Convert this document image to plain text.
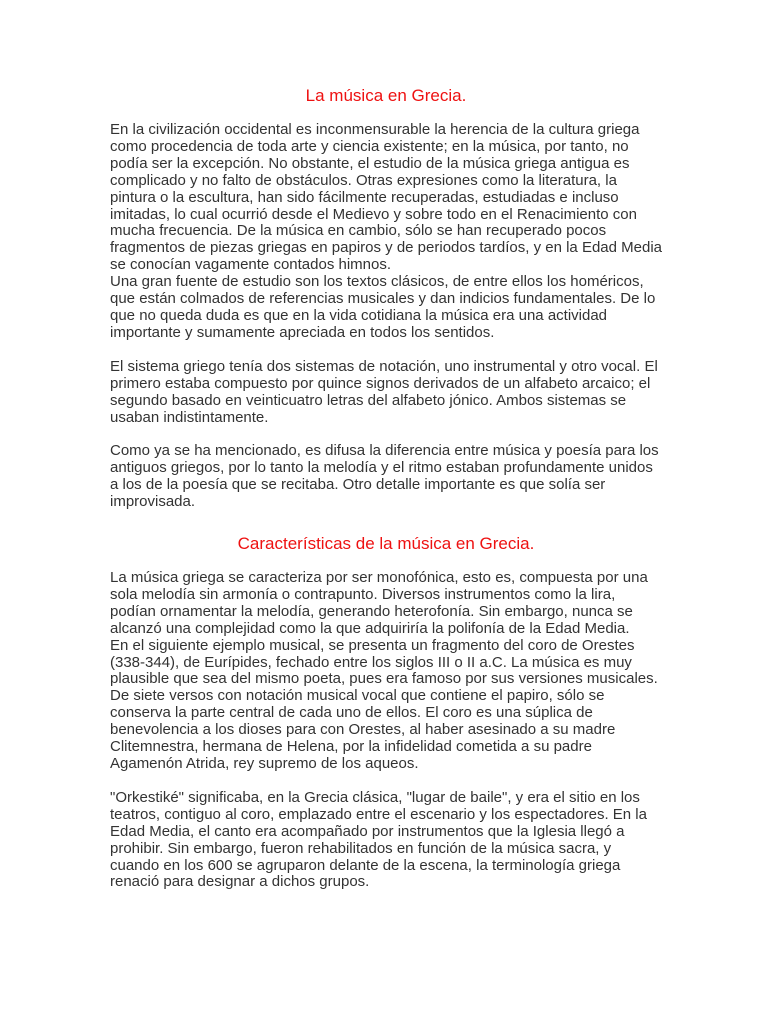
La música en Grecia.

En la civilización occidental es inconmensurable la herencia de la cultura griega como procedencia de toda arte y ciencia existente; en la música, por tanto, no podía ser la excepción. No obstante, el estudio de la música griega antigua es complicado y no falto de obstáculos. Otras expresiones como la literatura, la pintura o la escultura, han sido fácilmente recuperadas, estudiadas e incluso imitadas, lo cual ocurrió desde el Medievo y sobre todo en el Renacimiento con mucha frecuencia. De la música en cambio, sólo se han recuperado pocos fragmentos de piezas griegas en papiros y de periodos tardíos, y en la Edad Media se conocían vagamente contados himnos.

Una gran fuente de estudio son los textos clásicos, de entre ellos los homéricos, que están colmados de referencias musicales y dan indicios fundamentales. De lo que no queda duda es que en la vida cotidiana la música era una actividad importante y sumamente apreciada en todos los sentidos.

El sistema griego tenía dos sistemas de notación, uno instrumental y otro vocal. El primero estaba compuesto por quince signos derivados de un alfabeto arcaico; el segundo basado en veinticuatro letras del alfabeto jónico. Ambos sistemas se usaban indistintamente.

Como ya se ha mencionado, es difusa la diferencia entre música y poesía para los antiguos griegos, por lo tanto la melodía y el ritmo estaban profundamente unidos a los de la poesía que se recitaba. Otro detalle importante es que solía ser improvisada.

Características de la música en Grecia.

La música griega se caracteriza por ser monofónica, esto es, compuesta por una sola melodía sin armonía o contrapunto. Diversos instrumentos como la lira, podían ornamentar la melodía, generando heterofonía. Sin embargo, nunca se alcanzó una complejidad como la que adquiriría la polifonía de la Edad Media.

En el siguiente ejemplo musical, se presenta un fragmento del coro de Orestes (338-344), de Eurípides, fechado entre los siglos III o II a.C. La música es muy plausible que sea del mismo poeta, pues era famoso por sus versiones musicales. De siete versos con notación musical vocal que contiene el papiro, sólo se conserva la parte central de cada uno de ellos. El coro es una súplica de benevolencia a los dioses para con Orestes, al haber asesinado a su madre Clitemnestra, hermana de Helena, por la infidelidad cometida a su padre Agamenón Atrida, rey supremo de los aqueos.

"Orkestiké" significaba, en la Grecia clásica, "lugar de baile", y era el sitio en los teatros, contiguo al coro, emplazado entre el escenario y los espectadores. En la Edad Media, el canto era acompañado por instrumentos que la Iglesia llegó a prohibir. Sin embargo, fueron rehabilitados en función de la música sacra, y cuando en los 600 se agruparon delante de la escena, la terminología griega renació para designar a dichos grupos.
